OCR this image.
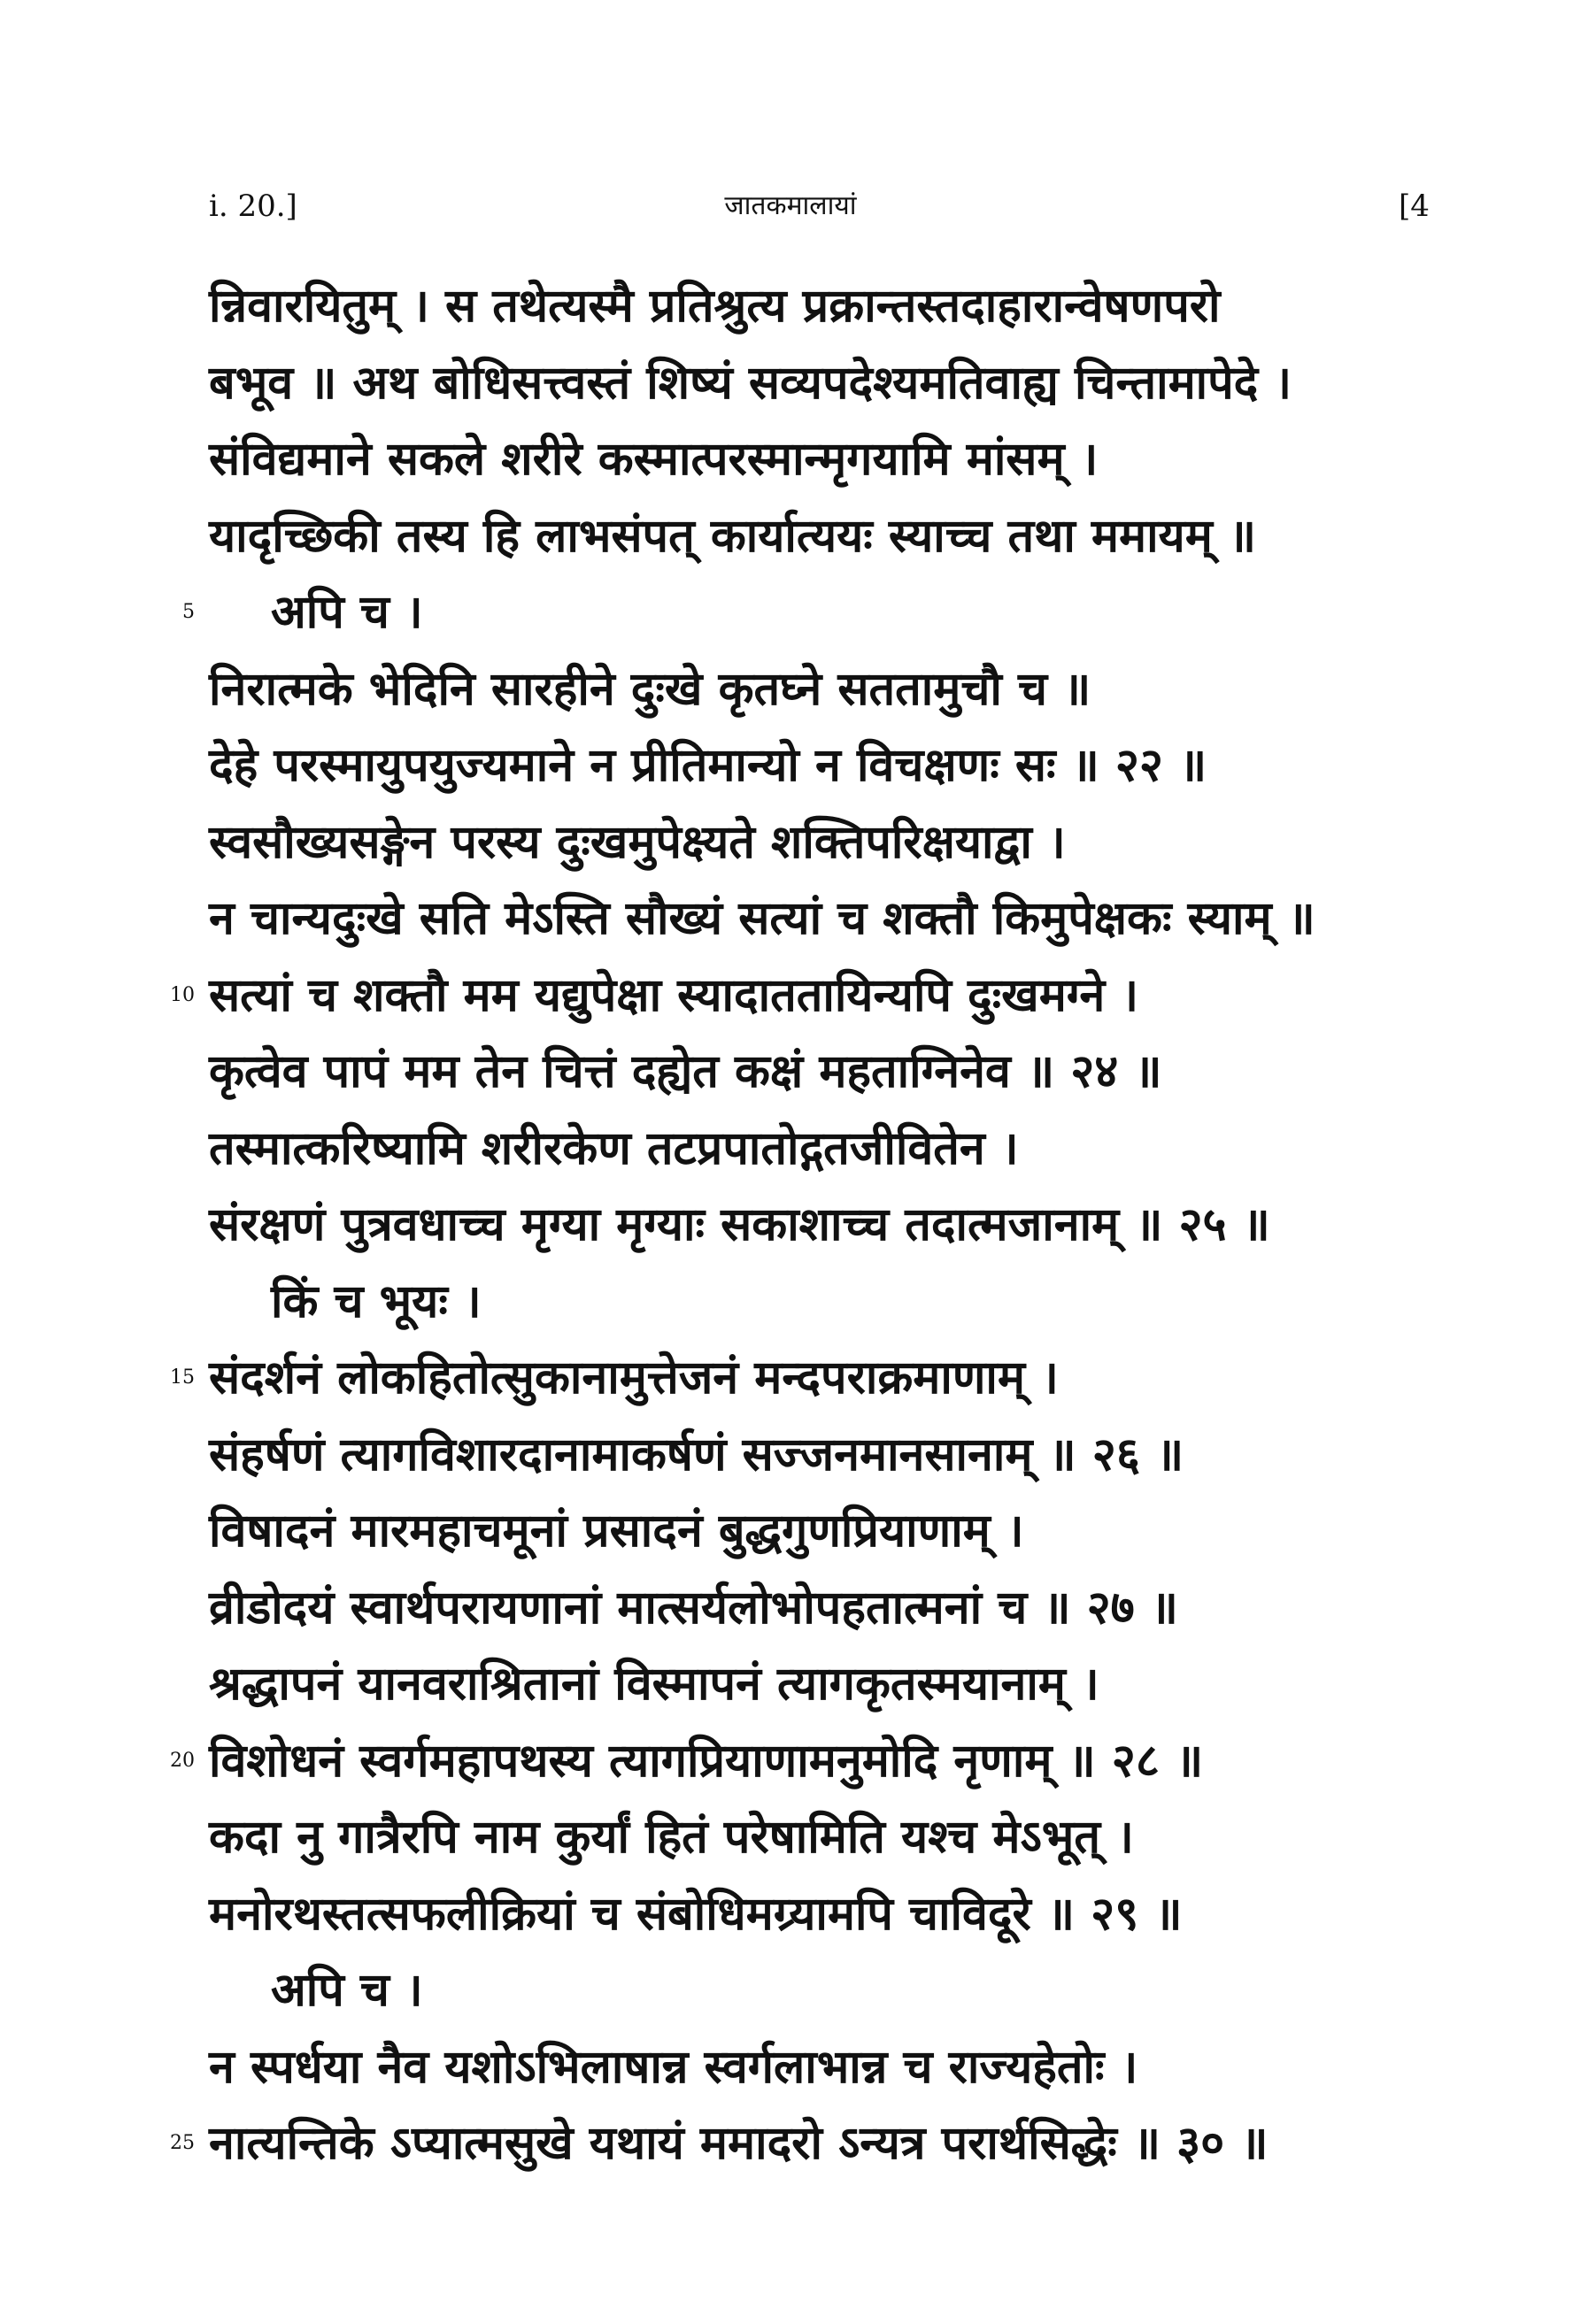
i. 20.]	जातकमालायां	[4
न्निवारयितुम् । स तथेत्यस्मै प्रतिश्रुत्य प्रक्रान्तस्तदाहारान्वेषणपरो
बभूव ॥ अथ बोधिसत्त्वस्तं शिष्यं सव्यपदेश्यमतिवाह्य चिन्तामापेदे ।
संविद्यमाने सकले शरीरे कस्मात्परस्मान्मृगयामि मांसम् ।
यादृच्छिकी तस्य हि लाभसंपत् कार्यात्ययः स्याच्च तथा ममायम् ॥
5 अपि च ।
निरात्मके भेदिनि सारहीने दुःखे कृतघ्ने सततामुचौ च ॥
देहे परस्मायुपयुज्यमाने न प्रीतिमान्यो न विचक्षणः सः ॥ २२ ॥
स्वसौख्यसङ्गेन परस्य दुःखमुपेक्ष्यते शक्तिपरिक्षयाद्वा ।
न चान्यदुःखे सति मेऽस्ति सौख्यं सत्यां च शक्तौ किमुपेक्षकः स्याम् ॥
10 सत्यां च शक्तौ मम यद्युपेक्षा स्यादाततायिन्यपि दुःखमग्ने ।
कृत्वेव पापं मम तेन चित्तं दह्येत कक्षं महताग्निनेव ॥ २४ ॥
तस्मात्करिष्यामि शरीरकेण तटप्रपातोद्गतजीवितेन ।
संरक्षणं पुत्रवधाच्च मृग्या मृग्याः सकाशाच्च तदात्मजानाम् ॥ २५ ॥
किं च भूयः ।
15 संदर्शनं लोकहितोत्सुकानामुत्तेजनं मन्दपराक्रमाणाम् ।
संहर्षणं त्यागविशारदानामाकर्षणं सज्जनमानसानाम् ॥ २६ ॥
विषादनं मारमहाचमूनां प्रसादनं बुद्धगुणप्रियाणाम् ।
व्रीडोदयं स्वार्थपरायणानां मात्सर्यलोभोपहतात्मनां च ॥ २७ ॥
श्रद्धापनं यानवराश्रितानां विस्मापनं त्यागकृतस्मयानाम् ।
20 विशोधनं स्वर्गमहापथस्य त्यागप्रियाणामनुमोदि नृणाम् ॥ २८ ॥
कदा नु गात्रैरपि नाम कुर्यां हितं परेषामिति यश्च मेऽभूत् ।
मनोरथस्तत्सफलीक्रियां च संबोधिमग्र्यामपि चाविदूरे ॥ २९ ॥
अपि च ।
न स्पर्धया नैव यशोऽभिलाषान्न स्वर्गलाभान्न च राज्यहेतोः ।
25 नात्यन्तिके ऽप्यात्मसुखे यथायं ममादरो ऽन्यत्र परार्थसिद्धेः ॥ ३० ॥
